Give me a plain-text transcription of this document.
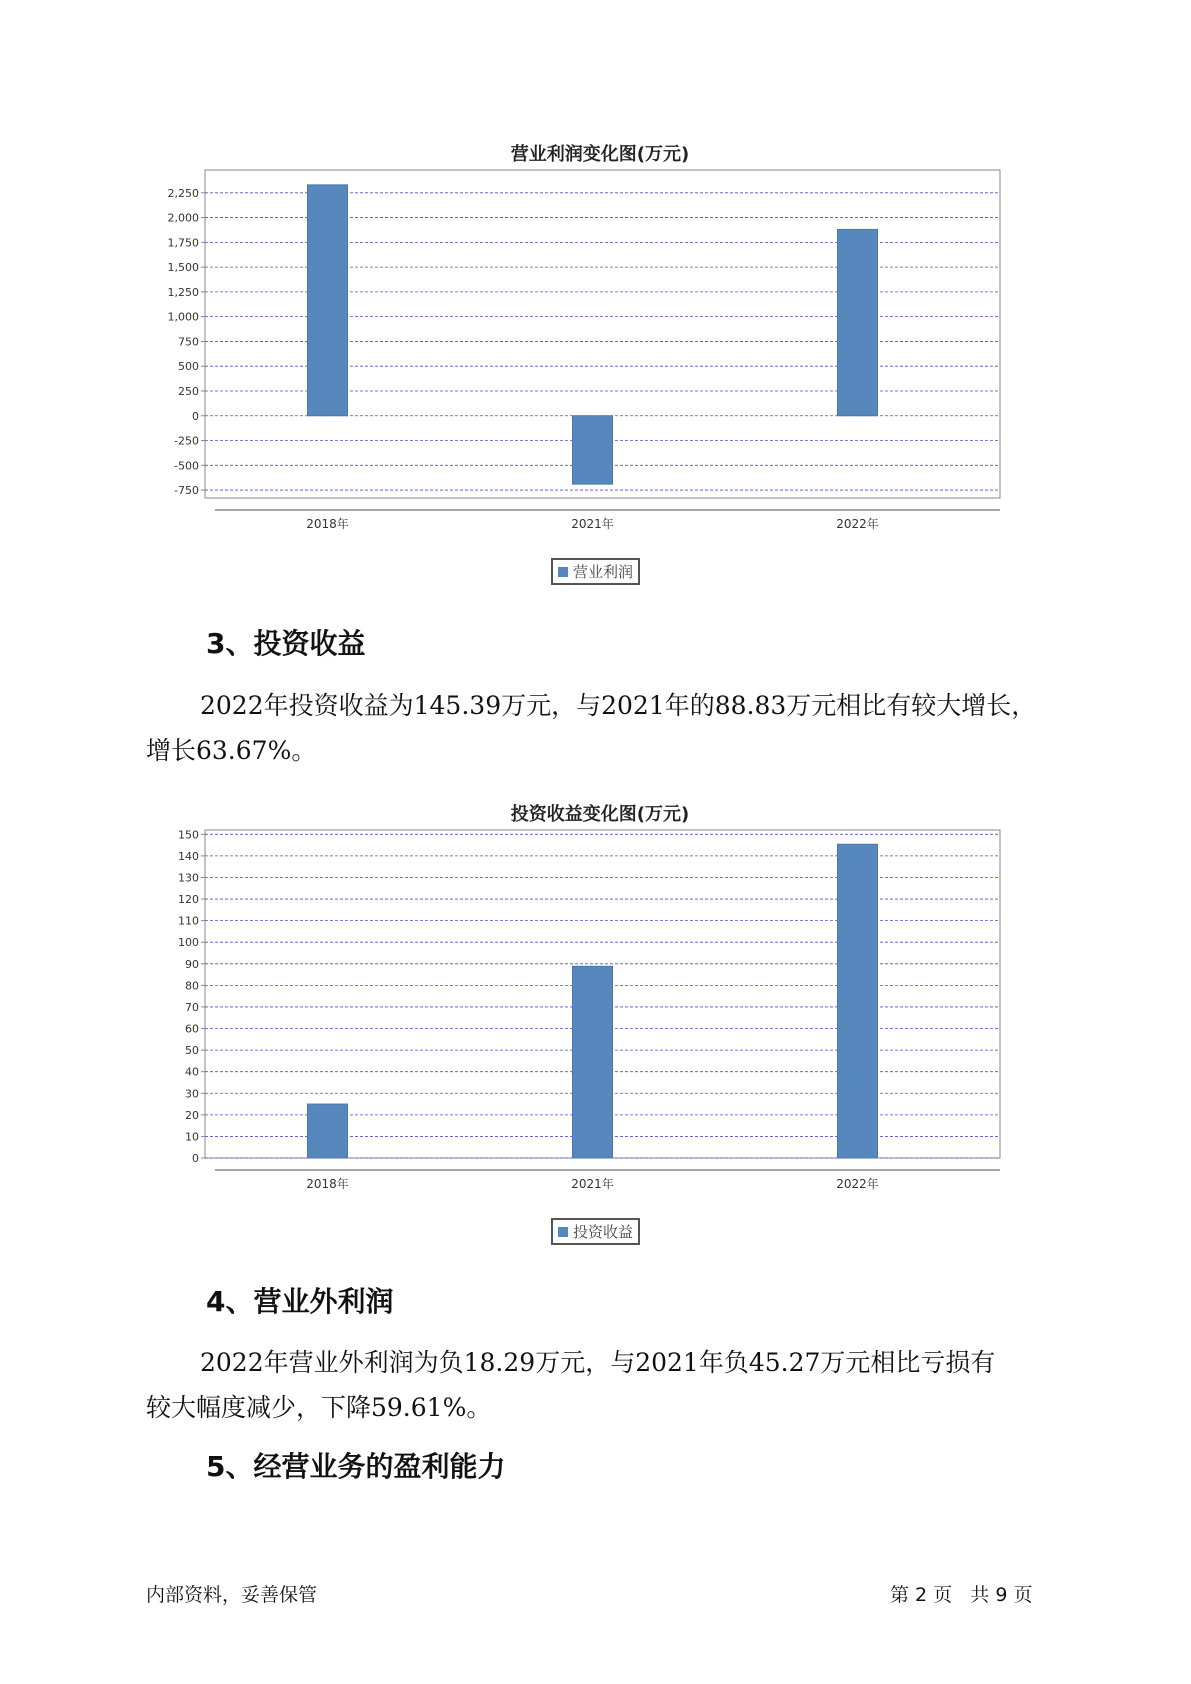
营业利润变化图(万元)
-750
-500
-250
0
250
500
750
1,000
1,250
1,500
1,750
2,000
2,250
2018年	2021年	2022年
营业利润
3、投资收益
2022年投资收益为145.39万元，与2021年的88.83万元相比有较大增长，
增长63.67%。
投资收益变化图(万元)
0
10
20
30
40
50
60
70
80
90
100
110
120
130
140
150
2018年	2021年	2022年
投资收益
4、营业外利润
2022年营业外利润为负18.29万元，与2021年负45.27万元相比亏损有
较大幅度减少，下降59.61%。
5、经营业务的盈利能力
内部资料，妥善保管	第 2 页   共 9 页
